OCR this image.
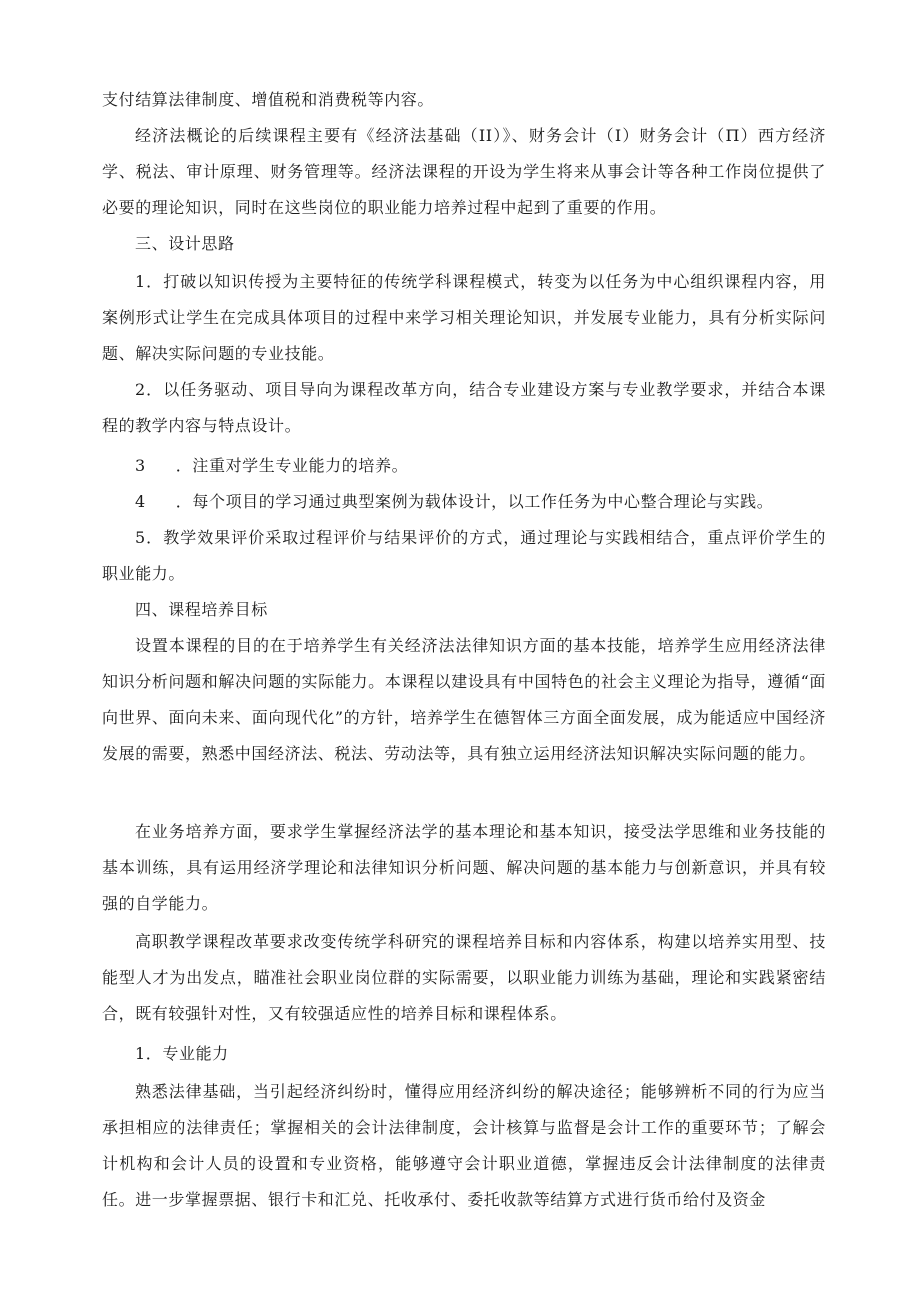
支付结算法律制度、增值税和消费税等内容。

经济法概论的后续课程主要有《经济法基础（II）》、财务会计（I）财务会计（Π）西方经济学、税法、审计原理、财务管理等。经济法课程的开设为学生将来从事会计等各种工作岗位提供了必要的理论知识，同时在这些岗位的职业能力培养过程中起到了重要的作用。

三、设计思路

1．打破以知识传授为主要特征的传统学科课程模式，转变为以任务为中心组织课程内容，用案例形式让学生在完成具体项目的过程中来学习相关理论知识，并发展专业能力，具有分析实际问题、解决实际问题的专业技能。

2．以任务驱动、项目导向为课程改革方向，结合专业建设方案与专业教学要求，并结合本课程的教学内容与特点设计。

3 ．注重对学生专业能力的培养。

4 ．每个项目的学习通过典型案例为载体设计，以工作任务为中心整合理论与实践。

5．教学效果评价采取过程评价与结果评价的方式，通过理论与实践相结合，重点评价学生的职业能力。

四、课程培养目标

设置本课程的目的在于培养学生有关经济法法律知识方面的基本技能，培养学生应用经济法律知识分析问题和解决问题的实际能力。本课程以建设具有中国特色的社会主义理论为指导，遵循“面向世界、面向未来、面向现代化”的方针，培养学生在德智体三方面全面发展，成为能适应中国经济发展的需要，熟悉中国经济法、税法、劳动法等，具有独立运用经济法知识解决实际问题的能力。

在业务培养方面，要求学生掌握经济法学的基本理论和基本知识，接受法学思维和业务技能的基本训练，具有运用经济学理论和法律知识分析问题、解决问题的基本能力与创新意识，并具有较强的自学能力。

高职教学课程改革要求改变传统学科研究的课程培养目标和内容体系，构建以培养实用型、技能型人才为出发点，瞄准社会职业岗位群的实际需要，以职业能力训练为基础，理论和实践紧密结合，既有较强针对性，又有较强适应性的培养目标和课程体系。

1．专业能力

熟悉法律基础，当引起经济纠纷时，懂得应用经济纠纷的解决途径；能够辨析不同的行为应当承担相应的法律责任；掌握相关的会计法律制度，会计核算与监督是会计工作的重要环节；了解会计机构和会计人员的设置和专业资格，能够遵守会计职业道德，掌握违反会计法律制度的法律责任。进一步掌握票据、银行卡和汇兑、托收承付、委托收款等结算方式进行货币给付及资金
